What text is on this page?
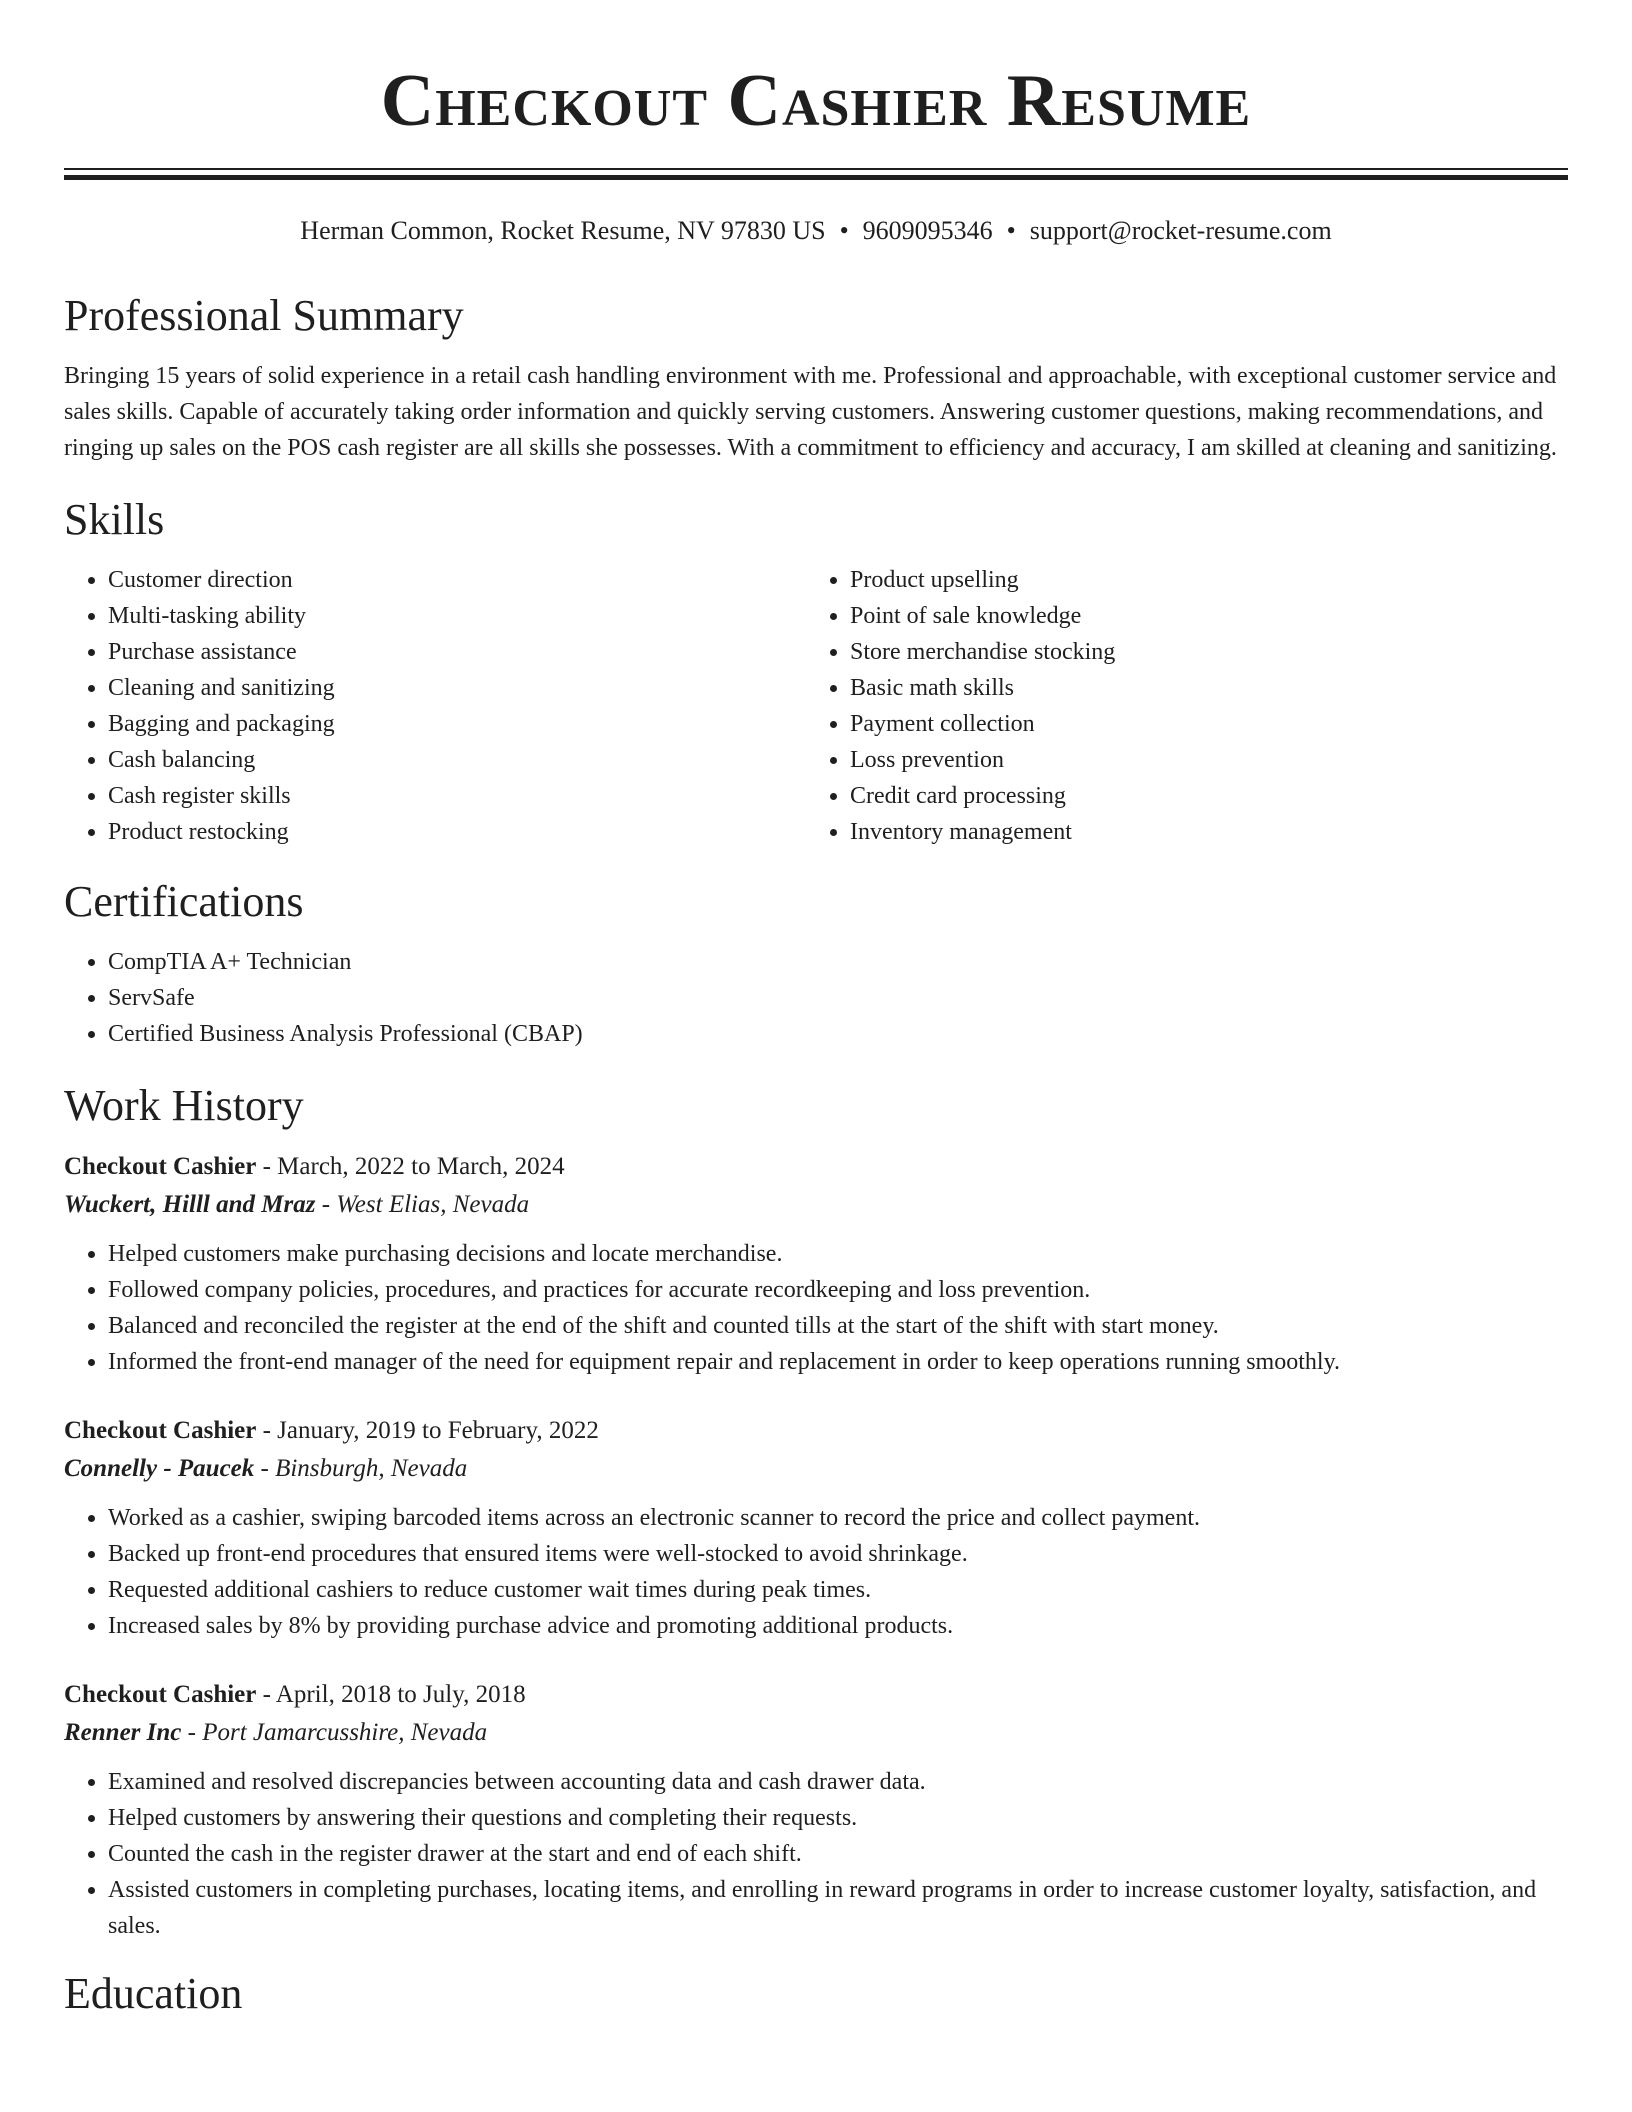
Checkout Cashier Resume
Herman Common, Rocket Resume, NV 97830 US • 9609095346 • support@rocket-resume.com
Professional Summary

Bringing 15 years of solid experience in a retail cash handling environment with me. Professional and approachable, with exceptional customer service and sales skills. Capable of accurately taking order information and quickly serving customers. Answering customer questions, making recommendations, and ringing up sales on the POS cash register are all skills she possesses. With a commitment to efficiency and accuracy, I am skilled at cleaning and sanitizing.

Skills
• Customer direction
• Multi-tasking ability
• Purchase assistance
• Cleaning and sanitizing
• Bagging and packaging
• Cash balancing
• Cash register skills
• Product restocking
• Product upselling
• Point of sale knowledge
• Store merchandise stocking
• Basic math skills
• Payment collection
• Loss prevention
• Credit card processing
• Inventory management
Certifications
• CompTIA A+ Technician
• ServSafe
• Certified Business Analysis Professional (CBAP)
Work History

Checkout Cashier - March, 2022 to March, 2024

Wuckert, Hilll and Mraz - West Elias, Nevada

• Helped customers make purchasing decisions and locate merchandise.
• Followed company policies, procedures, and practices for accurate recordkeeping and loss prevention.
• Balanced and reconciled the register at the end of the shift and counted tills at the start of the shift with start money.
• Informed the front-end manager of the need for equipment repair and replacement in order to keep operations running smoothly.

Checkout Cashier - January, 2019 to February, 2022

Connelly - Paucek - Binsburgh, Nevada

• Worked as a cashier, swiping barcoded items across an electronic scanner to record the price and collect payment.
• Backed up front-end procedures that ensured items were well-stocked to avoid shrinkage.
• Requested additional cashiers to reduce customer wait times during peak times.
• Increased sales by 8% by providing purchase advice and promoting additional products.

Checkout Cashier - April, 2018 to July, 2018

Renner Inc - Port Jamarcusshire, Nevada

• Examined and resolved discrepancies between accounting data and cash drawer data.
• Helped customers by answering their questions and completing their requests.
• Counted the cash in the register drawer at the start and end of each shift.
• Assisted customers in completing purchases, locating items, and enrolling in reward programs in order to increase customer loyalty, satisfaction, and sales.
Education
